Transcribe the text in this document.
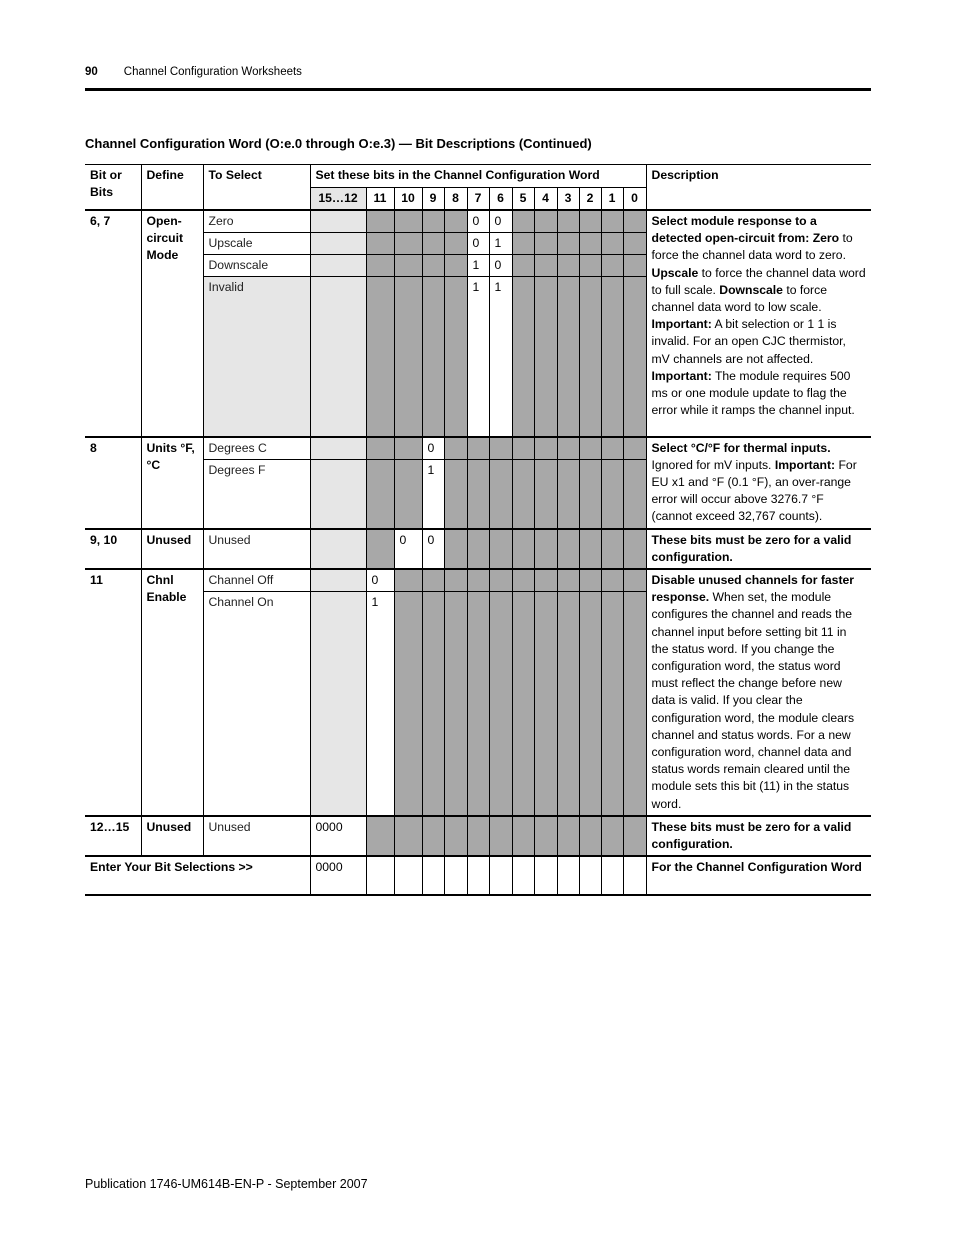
90 Channel Configuration Worksheets
Channel Configuration Word (O:e.0 through O:e.3) — Bit Descriptions (Continued)
Bit or Bits	Define	To Select	Set these bits in the Channel Configuration Word													Description
			15…12	11	10	9	8	7	6	5	4	3	2	1	0	
6, 7	Open-circuit Mode	Zero						0	0							Select module response to a detected open-circuit from: Zero to force the channel data word to zero. Upscale to force the channel data word to full scale. Downscale to force channel data word to low scale. Important: A bit selection or 1 1 is invalid. For an open CJC thermistor, mV channels are not affected. Important: The module requires 500 ms or one module update to flag the error while it ramps the channel input.
		Upscale						0	1							
		Downscale						1	0							
		Invalid						1	1							
8	Units °F, °C	Degrees C				0										Select °C/°F for thermal inputs. Ignored for mV inputs. Important: For EU x1 and °F (0.1 °F), an over-range error will occur above 3276.7 °F (cannot exceed 32,767 counts).
		Degrees F				1										
9, 10	Unused	Unused			0	0										These bits must be zero for a valid configuration.
11	Chnl Enable	Channel Off		0												Disable unused channels for faster response. When set, the module configures the channel and reads the channel input before setting bit 11 in the status word. If you change the configuration word, the status word must reflect the change before new data is valid. If you clear the configuration word, the module clears channel and status words. For a new configuration word, channel data and status words remain cleared until the module sets this bit (11) in the status word.
		Channel On		1												
12…15	Unused	Unused	0000													These bits must be zero for a valid configuration.
Enter Your Bit Selections >>			0000													For the Channel Configuration Word
Publication 1746-UM614B-EN-P - September 2007
